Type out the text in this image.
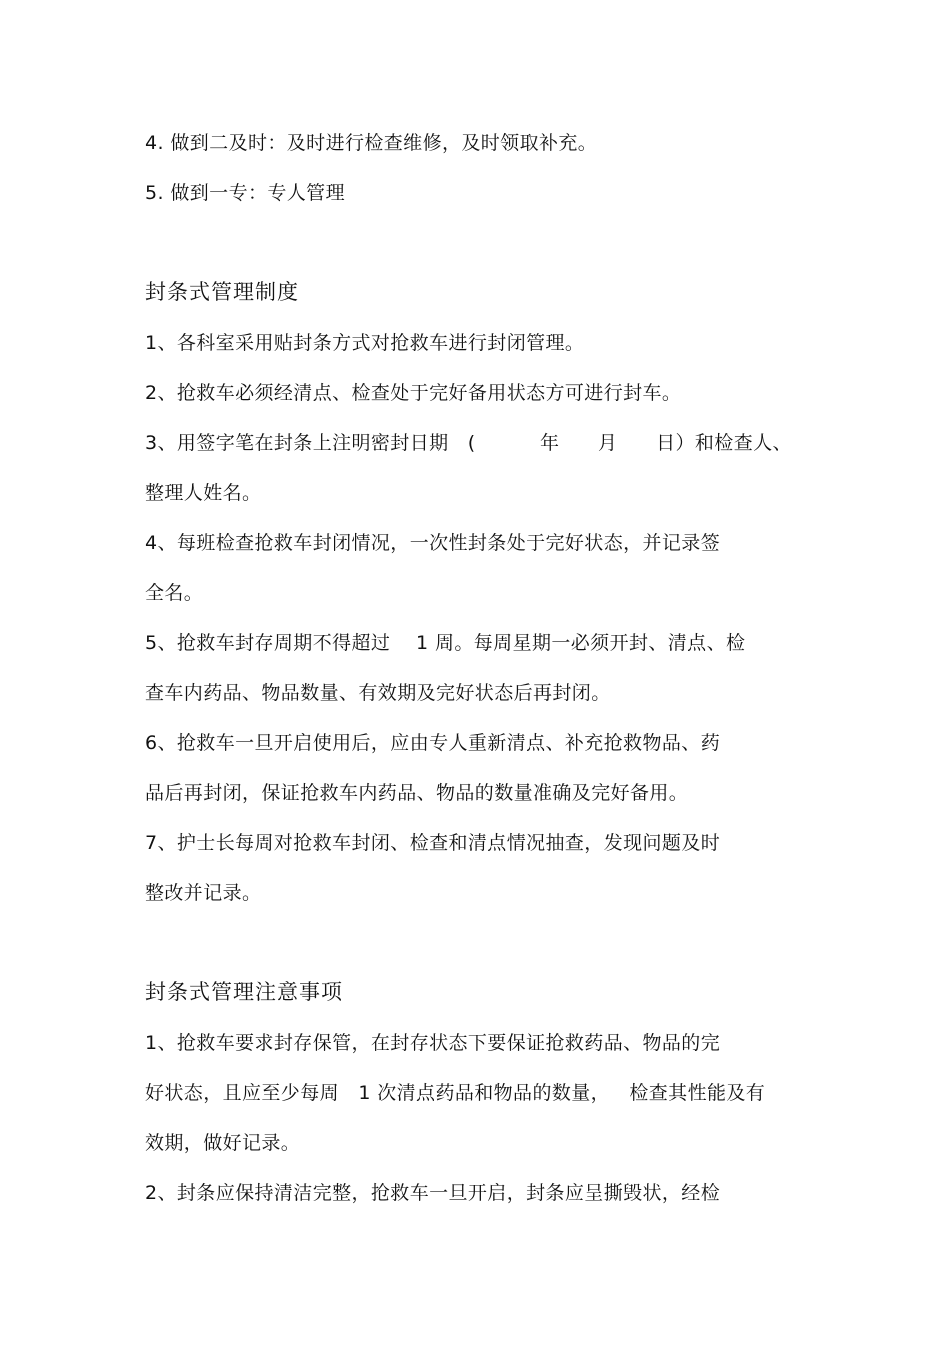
4. 做到二及时：及时进行检查维修，及时领取补充。
5. 做到一专：专人管理
封条式管理制度
1、各科室采用贴封条方式对抢救车进行封闭管理。
2、抢救车必须经清点、检查处于完好备用状态方可进行封车。
3、用签字笔在封条上注明密封日期   (          年      月      日）和检查人、
整理人姓名。
4、每班检查抢救车封闭情况，一次性封条处于完好状态，并记录签
全名。
5、抢救车封存周期不得超过    1 周。每周星期一必须开封、清点、检
查车内药品、物品数量、有效期及完好状态后再封闭。
6、抢救车一旦开启使用后，应由专人重新清点、补充抢救物品、药
品后再封闭，保证抢救车内药品、物品的数量准确及完好备用。
7、护士长每周对抢救车封闭、检查和清点情况抽查，发现问题及时
整改并记录。
封条式管理注意事项
1、抢救车要求封存保管，在封存状态下要保证抢救药品、物品的完
好状态，且应至少每周   1 次清点药品和物品的数量，   检查其性能及有
效期，做好记录。
2、封条应保持清洁完整，抢救车一旦开启，封条应呈撕毁状，经检
